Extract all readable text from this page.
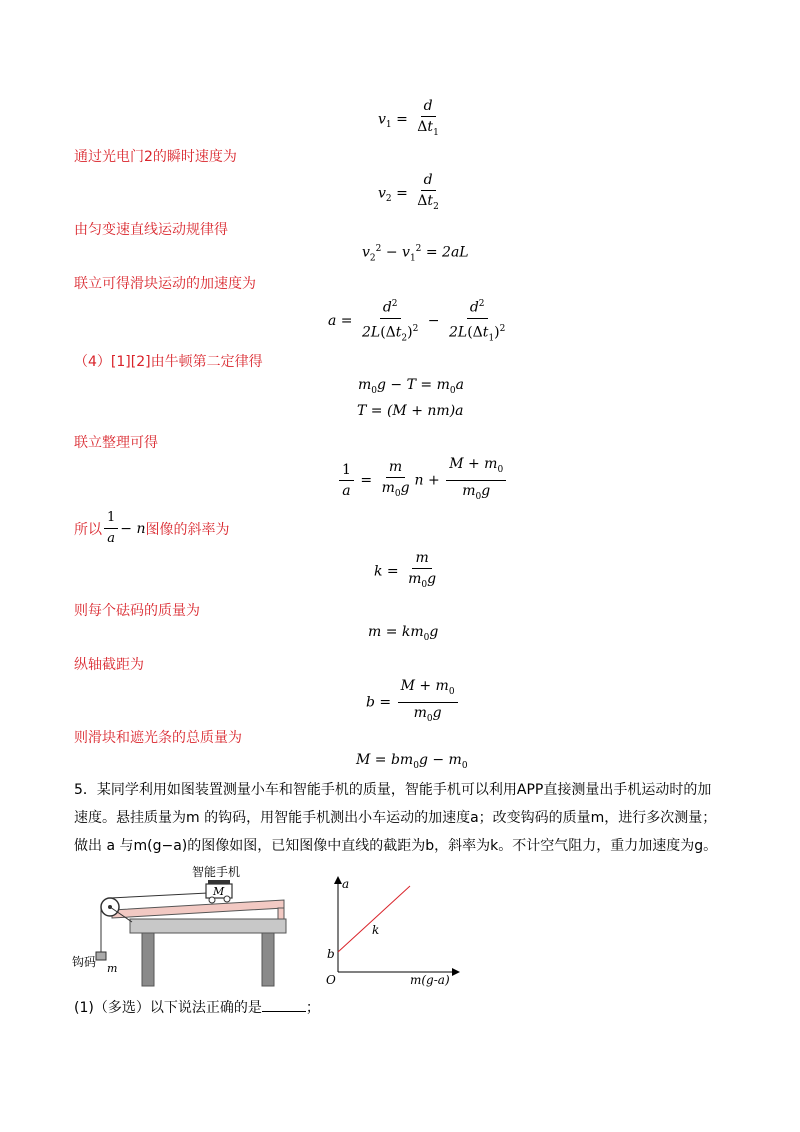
$v_1 = \frac{d}{\Delta t_1}$
通过光电门2的瞬时速度为
$v_2 = \frac{d}{\Delta t_2}$
由匀变速直线运动规律得
$v_2^2 - v_1^2 = 2aL$
联立可得滑块运动的加速度为
$a = \frac{d^2}{2L(\Delta t_2)^2} - \frac{d^2}{2L(\Delta t_1)^2}$
（4）[1][2]由牛顿第二定律得
$m_0g - T = m_0a$
T = (M + nm)a
联立整理可得
$\frac{1}{a} = \frac{m}{m_0g}$ $n + \frac{M + m_0}{m_0g}$
所以 $\frac{1}{a} - n$ 图像的斜率为
$k = \frac{m}{m_0g}$
则每个砝码的质量为
$m = km_0g$
纵轴截距为
$b = \frac{M + m_0}{m_0g}$
则滑块和遮光条的总质量为
$M = bm_0g - m_0$
5．某同学利用如图装置测量小车和智能手机的质量，智能手机可以利用APP直接测量出手机运动时的加
速度。悬挂质量为m 的钩码，用智能手机测出小车运动的加速度a；改变钩码的质量m，进行多次测量；
做出 a 与m(g−a)的图像如图，已知图像中直线的截距为b，斜率为k。不计空气阻力，重力加速度为g。
M
智能手机
钩码 m
a
m(g-a)
O
b
k
(1)（多选）以下说法正确的是	；
